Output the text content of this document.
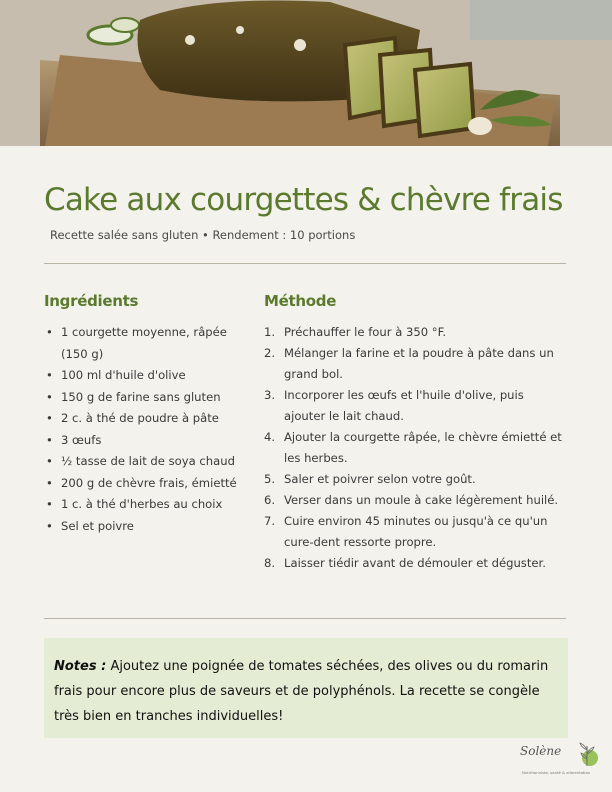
Cake aux courgettes & chèvre frais
Recette salée sans gluten • Rendement : 10 portions
Ingrédients
• 1 courgette moyenne, râpée (150 g)
• 100 ml d'huile d'olive
• 150 g de farine sans gluten
• 2 c. à thé de poudre à pâte
• 3 œufs
• ½ tasse de lait de soya chaud
• 200 g de chèvre frais, émietté
• 1 c. à thé d'herbes au choix
• Sel et poivre
Méthode
1. Préchauffer le four à 350 °F.
2. Mélanger la farine et la poudre à pâte dans un grand bol.
3. Incorporer les œufs et l'huile d'olive, puis ajouter le lait chaud.
4. Ajouter la courgette râpée, le chèvre émietté et les herbes.
5. Saler et poivrer selon votre goût.
6. Verser dans un moule à cake légèrement huilé.
7. Cuire environ 45 minutes ou jusqu'à ce qu'un cure-dent ressorte propre.
8. Laisser tiédir avant de démouler et déguster.
Notes : Ajoutez une poignée de tomates séchées, des olives ou du romarin frais pour encore plus de saveurs et de polyphénols. La recette se congèle très bien en tranches individuelles!
Solène
Nutritionniste, santé & alimentation
